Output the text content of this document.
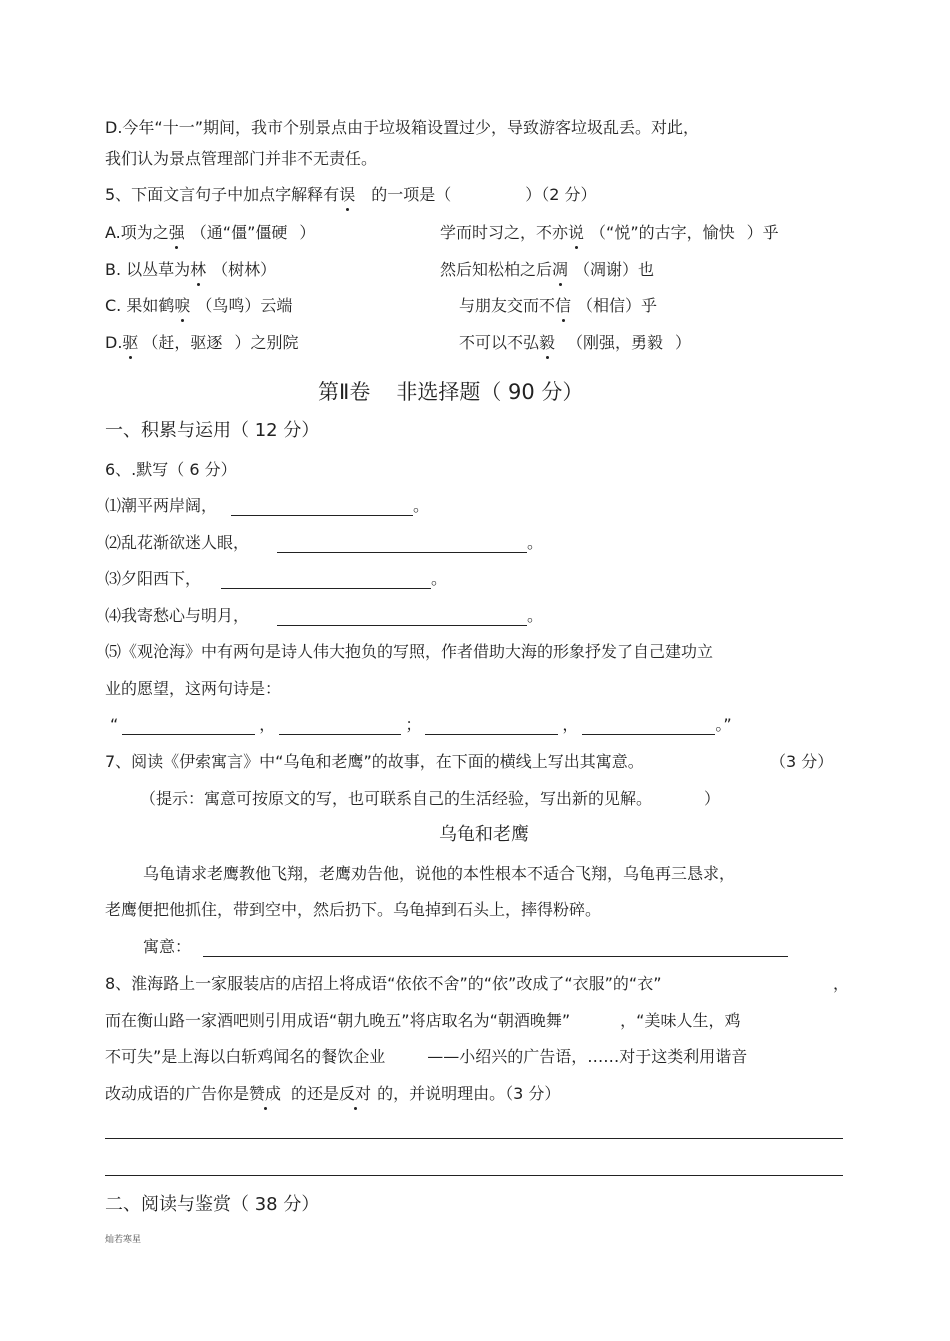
D.今年“十一”期间，我市个别景点由于垃圾箱设置过少，导致游客垃圾乱丢。对此，
我们认为景点管理部门并非不无责任。
5、下面文言句子中加点字解释有误 的一项是（	）（2 分）
A.项为之强 （通“僵”僵硬 ）	学而时习之，不亦说 （“悦”的古字，愉快 ）乎
B. 以丛草为林 （树林）	然后知松柏之后凋 （凋谢）也
C. 果如鹤唳 （鸟鸣）云端	与朋友交而不信 （相信）乎
D.驱 （赶，驱逐 ）之别院	不可以不弘毅 （刚强，勇毅 ）
第Ⅱ卷 非选择题（ 90 分）
一、积累与运用（ 12 分）
6、.默写（ 6 分）
⑴潮平两岸阔，	。
⑵乱花渐欲迷人眼，	。
⑶夕阳西下，	。
⑷我寄愁心与明月，	。
⑸《观沧海》中有两句是诗人伟大抱负的写照，作者借助大海的形象抒发了自己建功立
业的愿望，这两句诗是：
“	，	；	，	。”
7、阅读《伊索寓言》中“乌龟和老鹰”的故事，在下面的横线上写出其寓意。	（3 分）
（提示：寓意可按原文的写，也可联系自己的生活经验，写出新的见解。	）
乌龟和老鹰
乌龟请求老鹰教他飞翔，老鹰劝告他，说他的本性根本不适合飞翔，乌龟再三恳求，
老鹰便把他抓住，带到空中，然后扔下。乌龟掉到石头上，摔得粉碎。
寓意：
8、淮海路上一家服装店的店招上将成语“依依不舍”的“依”改成了“衣服”的“衣”	，
而在衡山路一家酒吧则引用成语“朝九晚五”将店取名为“朝酒晚舞”	，“美味人生，鸡
不可失”是上海以白斩鸡闻名的餐饮企业	——小绍兴的广告语，……对于这类利用谐音
改动成语的广告你是赞成 的还是反对 的，并说明理由。（3 分）
二、阅读与鉴赏（ 38 分）
灿若寒星
